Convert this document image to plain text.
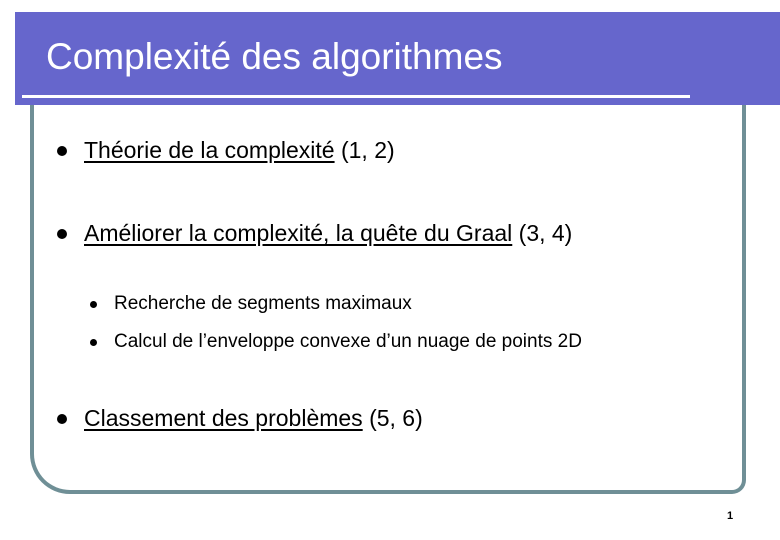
Complexité des algorithmes
Théorie de la complexité (1, 2)
Améliorer la complexité, la quête du Graal (3, 4)
Recherche de segments maximaux
Calcul de l’enveloppe convexe d’un nuage de points 2D
Classement des problèmes (5, 6)
1
